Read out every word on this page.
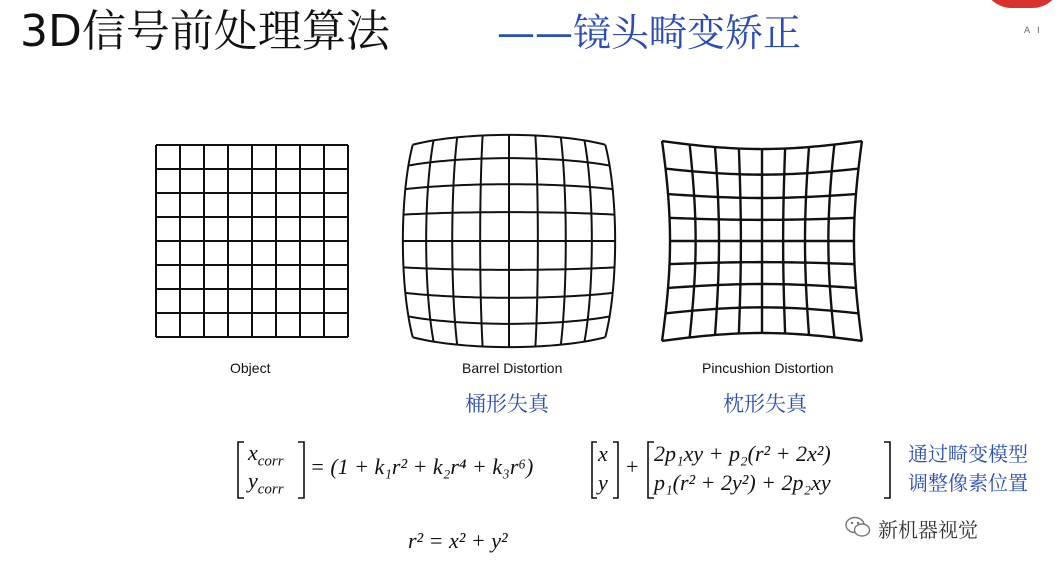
3D信号前处理算法	——镜头畸变矫正	A I
Object	Barrel Distortion	Pincushion Distortion
桶形失真	枕形失真
$x_{corr}$
$y_{corr}$
= (1 + k₁r² + k₂r⁴ + k₃r⁶)
x
y
+
2p₁xy + p₂(r² + 2x²)
p₁(r² + 2y²) + 2p₂xy
r² = x² + y²
通过畸变模型
调整像素位置
新机器视觉
